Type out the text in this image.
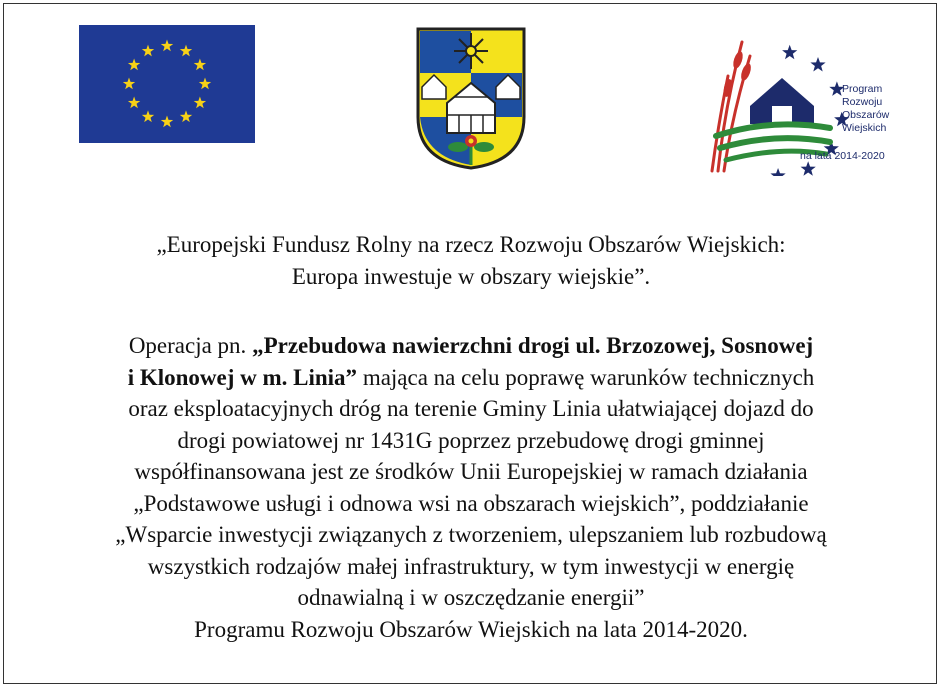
Program
Rozwoju
Obszarów
Wiejskich
na lata 2014-2020
„Europejski Fundusz Rolny na rzecz Rozwoju Obszarów Wiejskich:
Europa inwestuje w obszary wiejskie”.
Operacja pn. „Przebudowa nawierzchni drogi ul. Brzozowej, Sosnowej
i Klonowej w m. Linia” mająca na celu poprawę warunków technicznych
oraz eksploatacyjnych dróg na terenie Gminy Linia ułatwiającej dojazd do
drogi powiatowej nr 1431G poprzez przebudowę drogi gminnej
współfinansowana jest ze środków Unii Europejskiej w ramach działania
„Podstawowe usługi i odnowa wsi na obszarach wiejskich”, poddziałanie
„Wsparcie inwestycji związanych z tworzeniem, ulepszaniem lub rozbudową
wszystkich rodzajów małej infrastruktury, w tym inwestycji w energię
odnawialną i w oszczędzanie energii”
Programu Rozwoju Obszarów Wiejskich na lata 2014-2020.
